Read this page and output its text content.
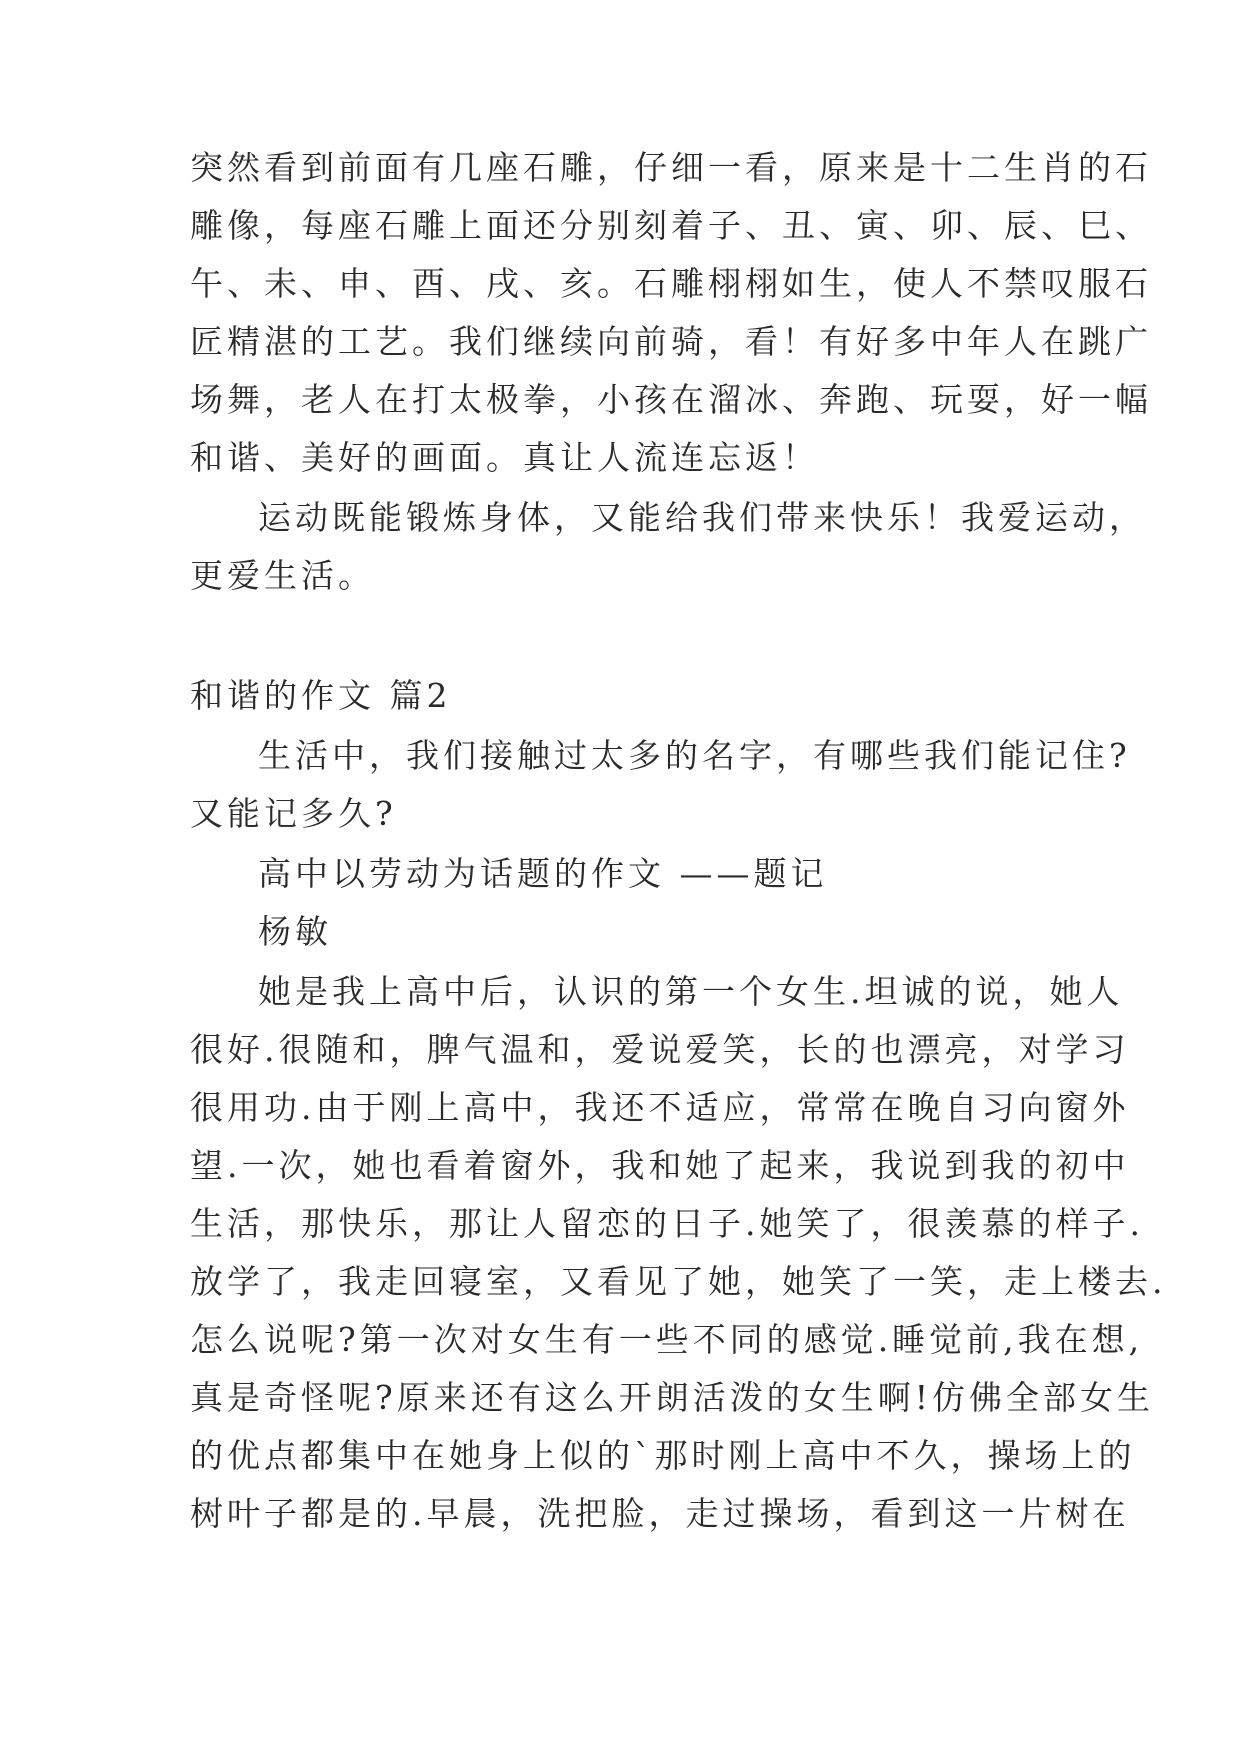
突然看到前面有几座石雕，仔细一看，原来是十二生肖的石
雕像，每座石雕上面还分别刻着子、丑、寅、卯、辰、巳、
午、未、申、酉、戌、亥。石雕栩栩如生，使人不禁叹服石
匠精湛的工艺。我们继续向前骑，看！有好多中年人在跳广
场舞，老人在打太极拳，小孩在溜冰、奔跑、玩耍，好一幅
和谐、美好的画面。真让人流连忘返！
运动既能锻炼身体，又能给我们带来快乐！我爱运动，
更爱生活。
和谐的作文 篇2
生活中，我们接触过太多的名字，有哪些我们能记住?
又能记多久?
高中以劳动为话题的作文 ——题记
杨敏
她是我上高中后，认识的第一个女生.坦诚的说，她人
很好.很随和，脾气温和，爱说爱笑，长的也漂亮，对学习
很用功.由于刚上高中，我还不适应，常常在晚自习向窗外
望.一次，她也看着窗外，我和她了起来，我说到我的初中
生活，那快乐，那让人留恋的日子.她笑了，很羡慕的样子.
放学了，我走回寝室，又看见了她，她笑了一笑，走上楼去.
怎么说呢?第一次对女生有一些不同的感觉.睡觉前,我在想,
真是奇怪呢?原来还有这么开朗活泼的女生啊!仿佛全部女生
的优点都集中在她身上似的`那时刚上高中不久，操场上的
树叶子都是的.早晨，洗把脸，走过操场，看到这一片树在
